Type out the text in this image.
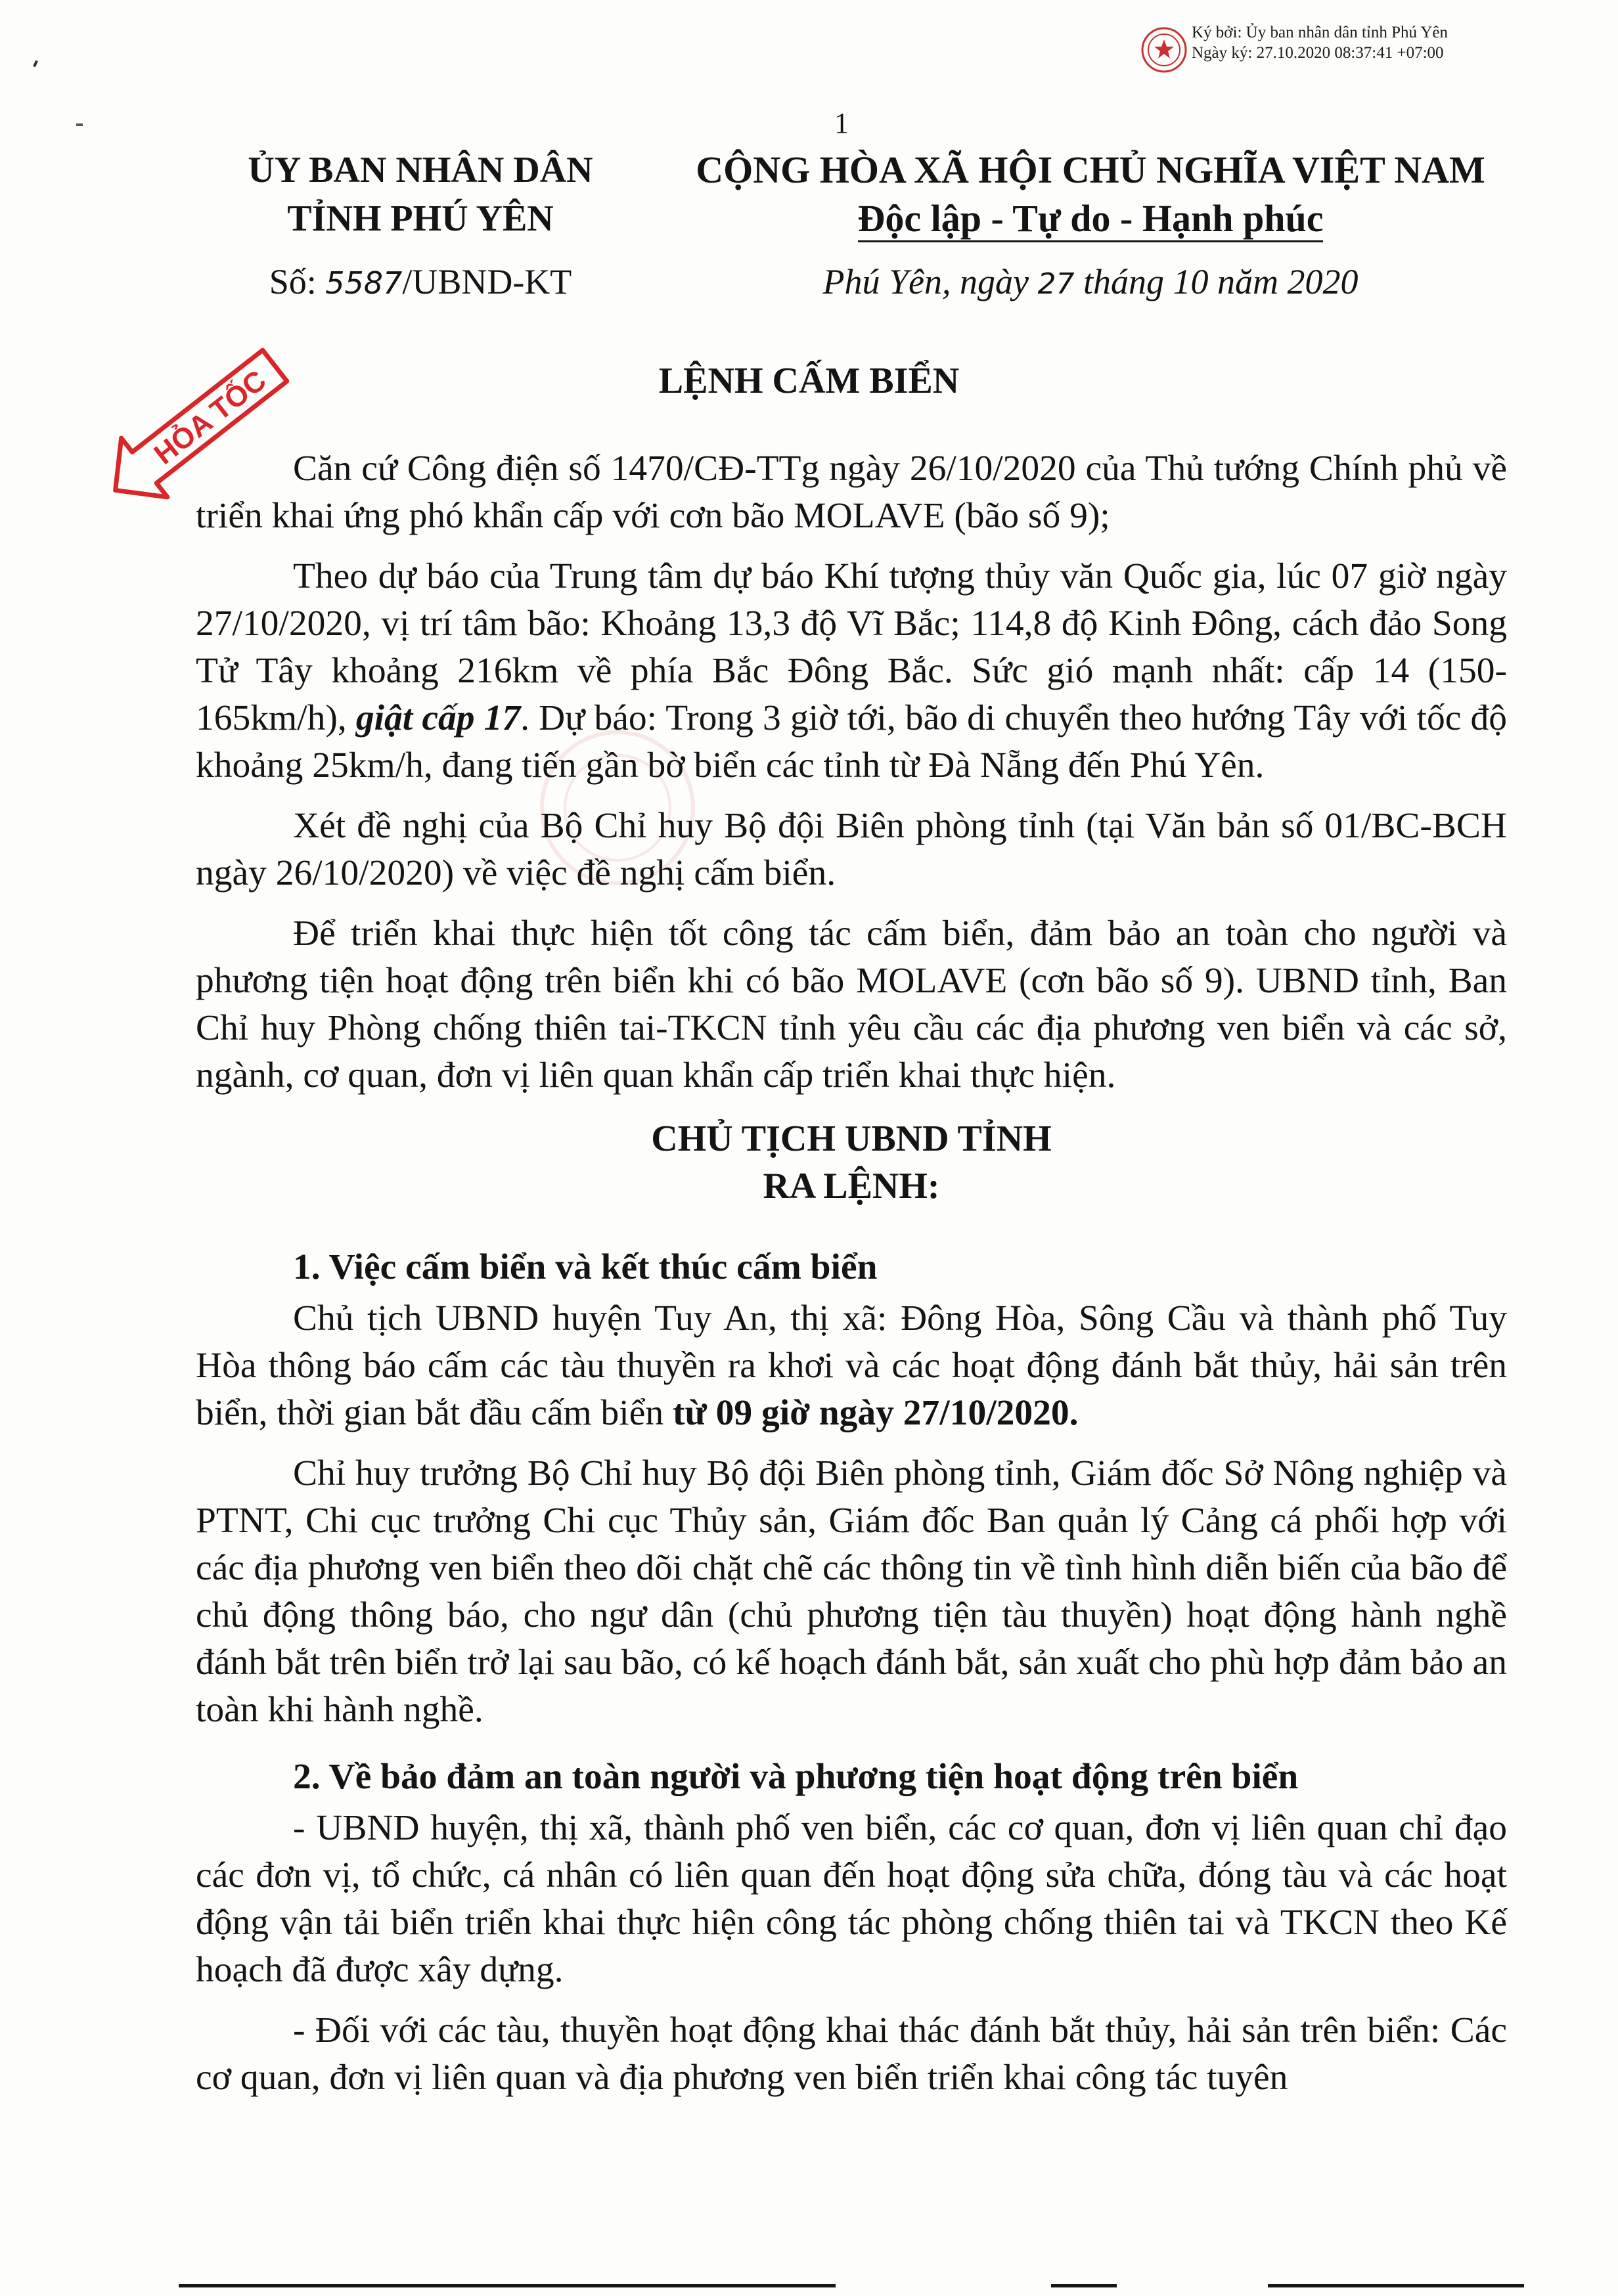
Ký bởi: Ủy ban nhân dân tỉnh Phú Yên
Ngày ký: 27.10.2020 08:37:41 +07:00
1
ỦY BAN NHÂN DÂN
TỈNH PHÚ YÊN
CỘNG HÒA XÃ HỘI CHỦ NGHĨA VIỆT NAM
Độc lập - Tự do - Hạnh phúc
Số: 5587/UBND-KT	Phú Yên, ngày 27 tháng 10 năm 2020
HỎA TỐC	LỆNH CẤM BIỂN

Căn cứ Công điện số 1470/CĐ-TTg ngày 26/10/2020 của Thủ tướng Chính phủ về triển khai ứng phó khẩn cấp với cơn bão MOLAVE (bão số 9);

Theo dự báo của Trung tâm dự báo Khí tượng thủy văn Quốc gia, lúc 07 giờ ngày 27/10/2020, vị trí tâm bão: Khoảng 13,3 độ Vĩ Bắc; 114,8 độ Kinh Đông, cách đảo Song Tử Tây khoảng 216km về phía Bắc Đông Bắc. Sức gió mạnh nhất: cấp 14 (150-165km/h), giật cấp 17. Dự báo: Trong 3 giờ tới, bão di chuyển theo hướng Tây với tốc độ khoảng 25km/h, đang tiến gần bờ biển các tỉnh từ Đà Nẵng đến Phú Yên.

Xét đề nghị của Bộ Chỉ huy Bộ đội Biên phòng tỉnh (tại Văn bản số 01/BC-BCH ngày 26/10/2020) về việc đề nghị cấm biển.

Để triển khai thực hiện tốt công tác cấm biển, đảm bảo an toàn cho người và phương tiện hoạt động trên biển khi có bão MOLAVE (cơn bão số 9). UBND tỉnh, Ban Chỉ huy Phòng chống thiên tai-TKCN tỉnh yêu cầu các địa phương ven biển và các sở, ngành, cơ quan, đơn vị liên quan khẩn cấp triển khai thực hiện.

CHỦ TỊCH UBND TỈNH
RA LỆNH:
1. Việc cấm biển và kết thúc cấm biển

Chủ tịch UBND huyện Tuy An, thị xã: Đông Hòa, Sông Cầu và thành phố Tuy Hòa thông báo cấm các tàu thuyền ra khơi và các hoạt động đánh bắt thủy, hải sản trên biển, thời gian bắt đầu cấm biển từ 09 giờ ngày 27/10/2020.

Chỉ huy trưởng Bộ Chỉ huy Bộ đội Biên phòng tỉnh, Giám đốc Sở Nông nghiệp và PTNT, Chi cục trưởng Chi cục Thủy sản, Giám đốc Ban quản lý Cảng cá phối hợp với các địa phương ven biển theo dõi chặt chẽ các thông tin về tình hình diễn biến của bão để chủ động thông báo, cho ngư dân (chủ phương tiện tàu thuyền) hoạt động hành nghề đánh bắt trên biển trở lại sau bão, có kế hoạch đánh bắt, sản xuất cho phù hợp đảm bảo an toàn khi hành nghề.

2. Về bảo đảm an toàn người và phương tiện hoạt động trên biển

- UBND huyện, thị xã, thành phố ven biển, các cơ quan, đơn vị liên quan chỉ đạo các đơn vị, tổ chức, cá nhân có liên quan đến hoạt động sửa chữa, đóng tàu và các hoạt động vận tải biển triển khai thực hiện công tác phòng chống thiên tai và TKCN theo Kế hoạch đã được xây dựng.

- Đối với các tàu, thuyền hoạt động khai thác đánh bắt thủy, hải sản trên biển: Các cơ quan, đơn vị liên quan và địa phương ven biển triển khai công tác tuyên
